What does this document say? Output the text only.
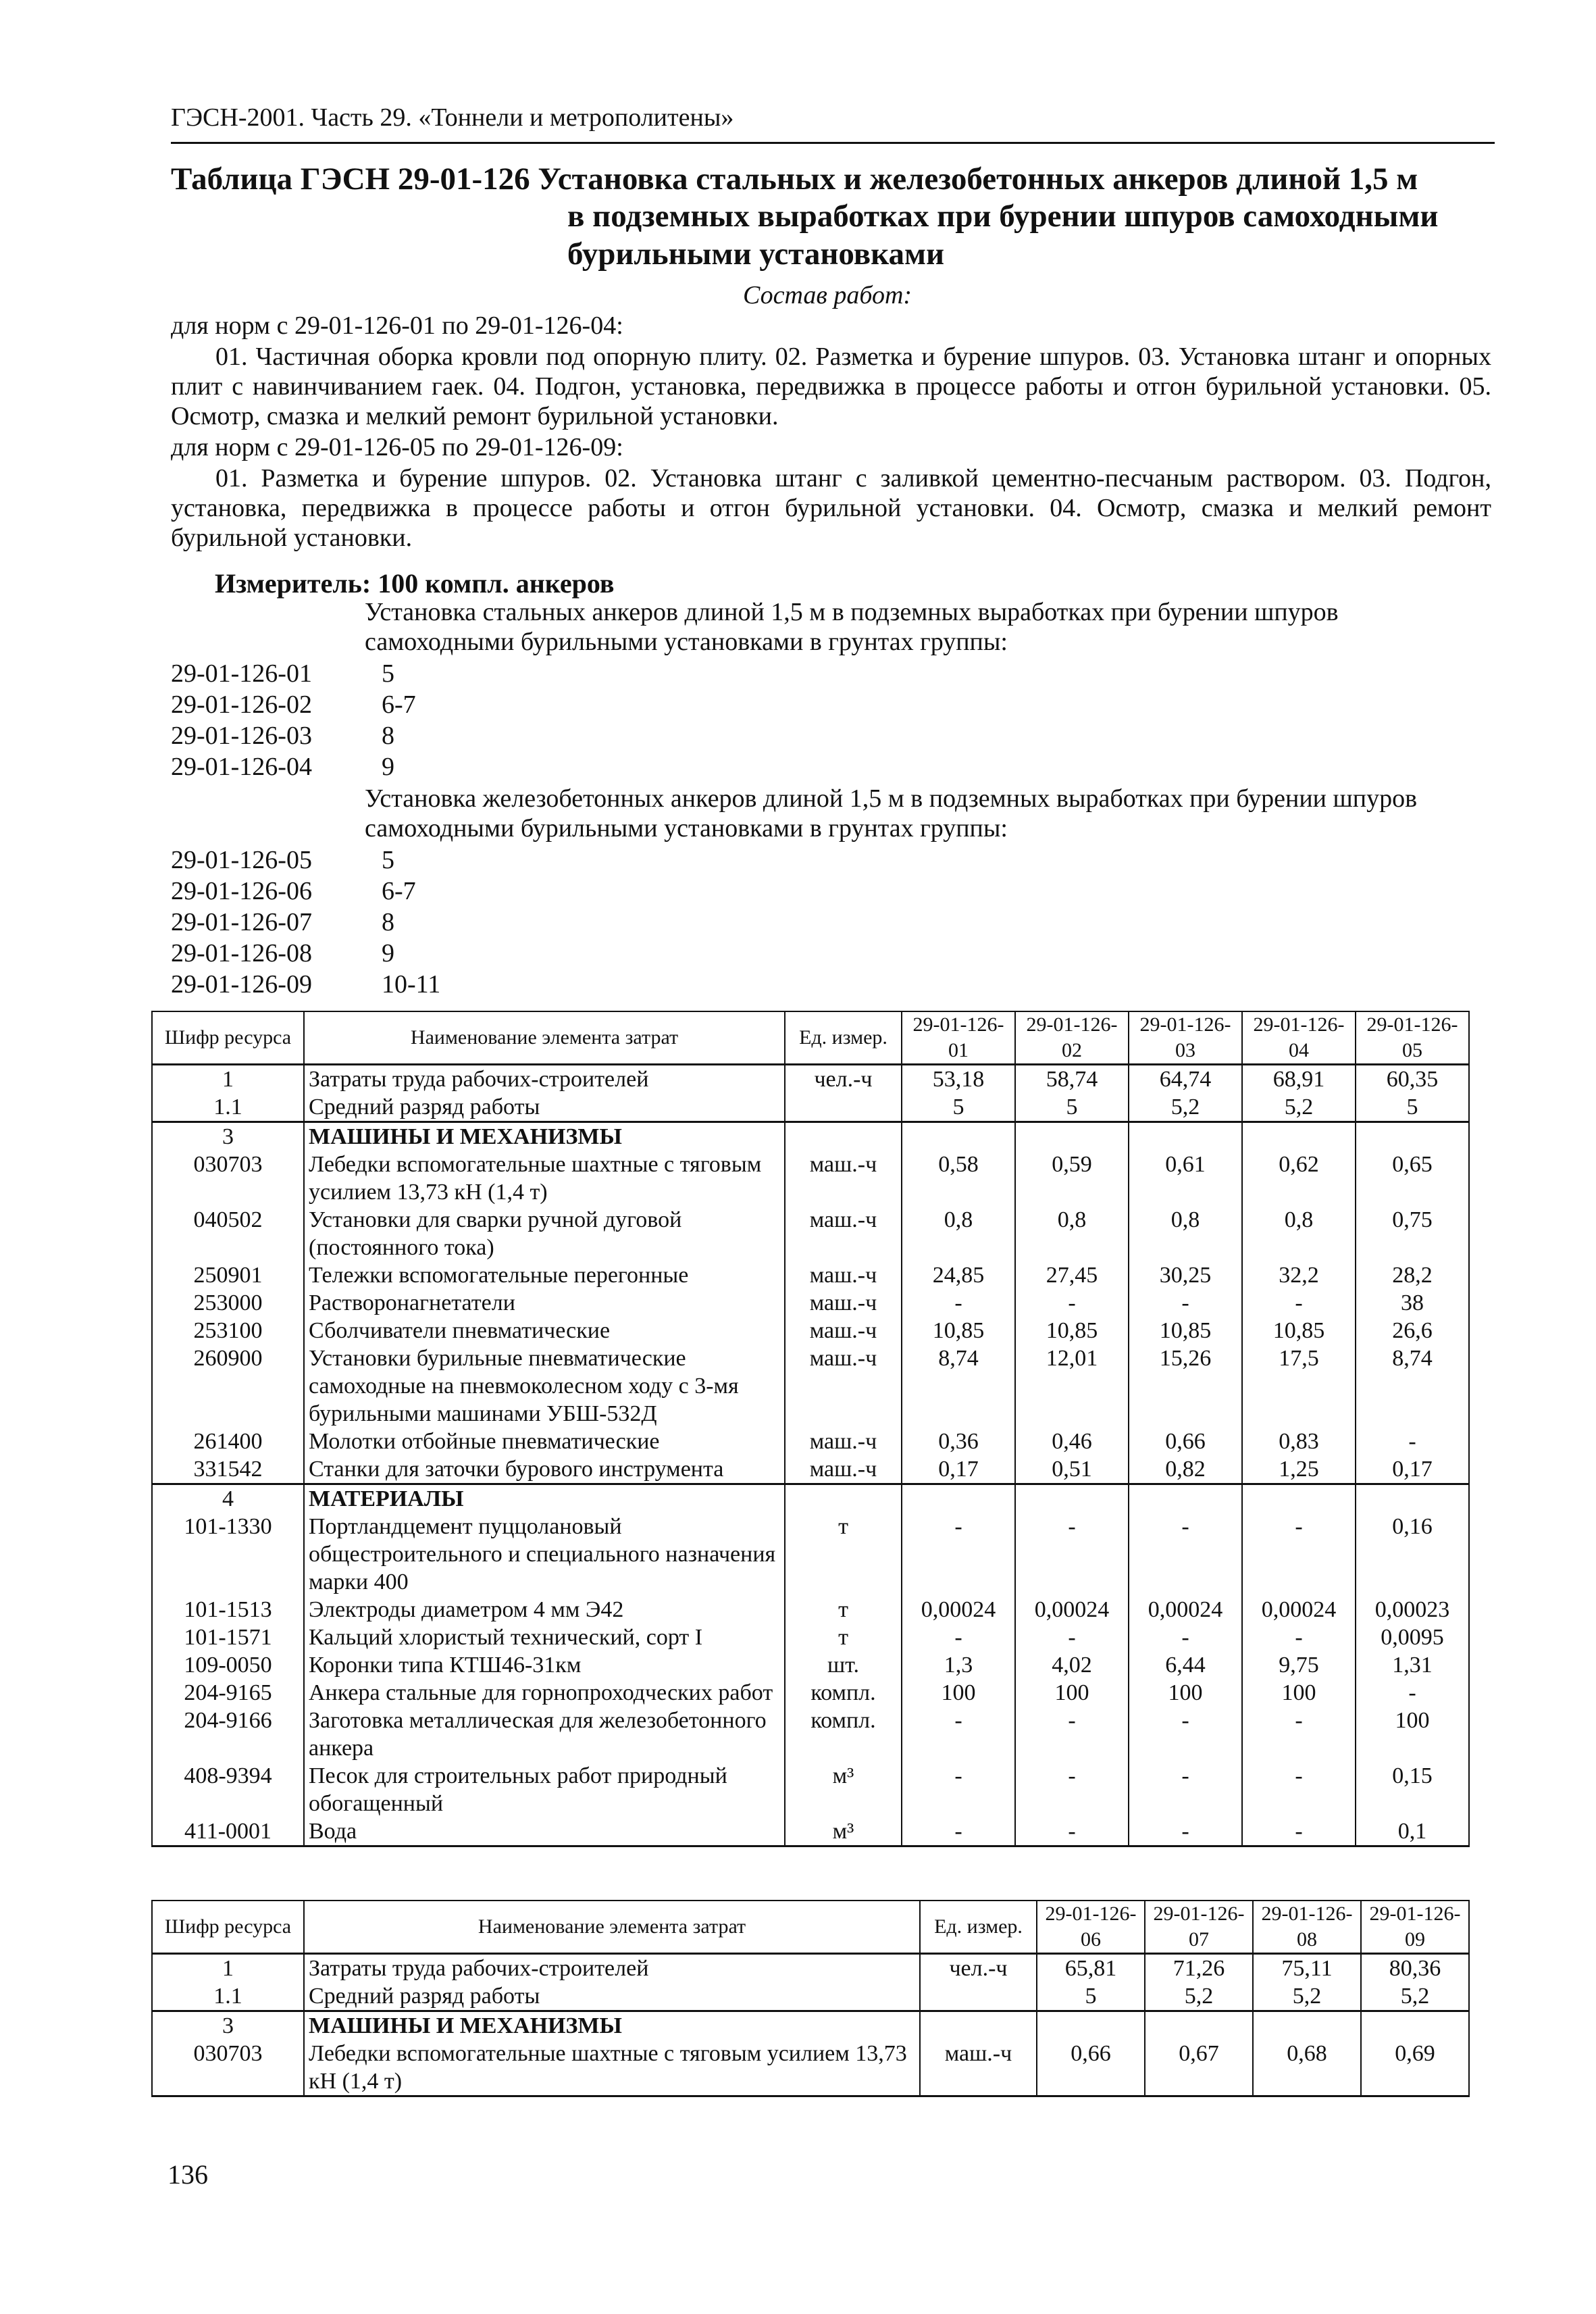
ГЭСН-2001. Часть 29. «Тоннели и метрополитены»
Таблица ГЭСН 29-01-126 Установка стальных и железобетонных анкеров длиной 1,5 м
в подземных выработках при бурении шпуров самоходными
бурильными установками
Состав работ:
для норм с 29-01-126-01 по 29-01-126-04:
01. Частичная оборка кровли под опорную плиту. 02. Разметка и бурение шпуров. 03. Установка штанг и опорных плит с навинчиванием гаек. 04. Подгон, установка, передвижка в процессе работы и отгон бурильной установки. 05. Осмотр, смазка и мелкий ремонт бурильной установки.
для норм с 29-01-126-05 по 29-01-126-09:
01. Разметка и бурение шпуров. 02. Установка штанг с заливкой цементно-песчаным раствором. 03. Подгон, установка, передвижка в процессе работы и отгон бурильной установки. 04. Осмотр, смазка и мелкий ремонт бурильной установки.
Измеритель: 100 компл. анкеров
Установка стальных анкеров длиной 1,5 м в подземных выработках при бурении шпуров самоходными бурильными установками в грунтах группы:
29-01-126-01	5
29-01-126-02	6-7
29-01-126-03	8
29-01-126-04	9
Установка железобетонных анкеров длиной 1,5 м в подземных выработках при бурении шпуров самоходными бурильными установками в грунтах группы:
29-01-126-05	5
29-01-126-06	6-7
29-01-126-07	8
29-01-126-08	9
29-01-126-09	10-11
Шифр ресурса	Наименование элемента затрат	Ед. измер.	29-01-126-01	29-01-126-02	29-01-126-03	29-01-126-04	29-01-126-05
1	Затраты труда рабочих-строителей	чел.-ч	53,18	58,74	64,74	68,91	60,35
1.1	Средний разряд работы		5	5	5,2	5,2	5
3	МАШИНЫ И МЕХАНИЗМЫ						
030703	Лебедки вспомогательные шахтные с тяговым усилием 13,73 кН (1,4 т)	маш.-ч	0,58	0,59	0,61	0,62	0,65
040502	Установки для сварки ручной дуговой (постоянного тока)	маш.-ч	0,8	0,8	0,8	0,8	0,75
250901	Тележки вспомогательные перегонные	маш.-ч	24,85	27,45	30,25	32,2	28,2
253000	Растворонагнетатели	маш.-ч	-	-	-	-	38
253100	Сболчиватели пневматические	маш.-ч	10,85	10,85	10,85	10,85	26,6
260900	Установки бурильные пневматические самоходные на пневмоколесном ходу с 3-мя бурильными машинами УБШ-532Д	маш.-ч	8,74	12,01	15,26	17,5	8,74
261400	Молотки отбойные пневматические	маш.-ч	0,36	0,46	0,66	0,83	-
331542	Станки для заточки бурового инструмента	маш.-ч	0,17	0,51	0,82	1,25	0,17
4	МАТЕРИАЛЫ						
101-1330	Портландцемент пуццолановый общестроительного и специального назначения марки 400	т	-	-	-	-	0,16
101-1513	Электроды диаметром 4 мм Э42	т	0,00024	0,00024	0,00024	0,00024	0,00023
101-1571	Кальций хлористый технический, сорт I	т	-	-	-	-	0,0095
109-0050	Коронки типа КТШ46-31км	шт.	1,3	4,02	6,44	9,75	1,31
204-9165	Анкера стальные для горнопроходческих работ	компл.	100	100	100	100	-
204-9166	Заготовка металлическая для железобетонного анкера	компл.	-	-	-	-	100
408-9394	Песок для строительных работ природный обогащенный	м³	-	-	-	-	0,15
411-0001	Вода	м³	-	-	-	-	0,1
Шифр ресурса	Наименование элемента затрат	Ед. измер.	29-01-126-06	29-01-126-07	29-01-126-08	29-01-126-09
1	Затраты труда рабочих-строителей	чел.-ч	65,81	71,26	75,11	80,36
1.1	Средний разряд работы		5	5,2	5,2	5,2
3	МАШИНЫ И МЕХАНИЗМЫ					
030703	Лебедки вспомогательные шахтные с тяговым усилием 13,73 кН (1,4 т)	маш.-ч	0,66	0,67	0,68	0,69
136
